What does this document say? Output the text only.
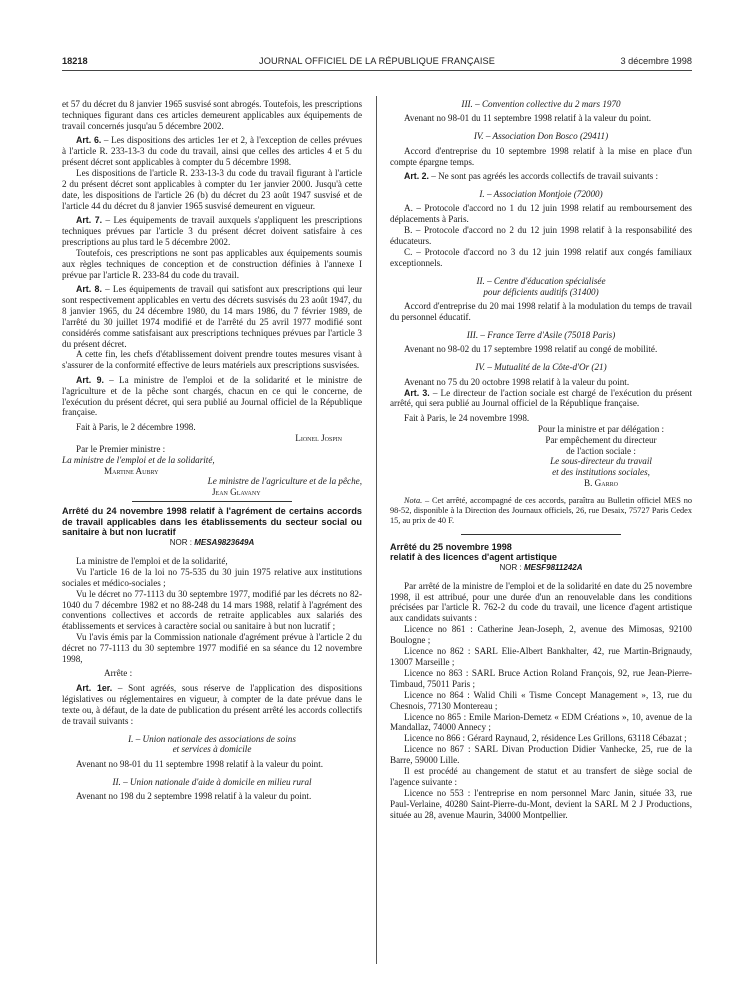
18218	JOURNAL OFFICIEL DE LA RÉPUBLIQUE FRANÇAISE	3 décembre 1998

et 57 du décret du 8 janvier 1965 susvisé sont abrogés. Toutefois, les prescriptions techniques figurant dans ces articles demeurent applicables aux équipements de travail concernés jusqu'au 5 décembre 2002.

Art. 6. – Les dispositions des articles 1er et 2, à l'exception de celles prévues à l'article R. 233-13-3 du code du travail, ainsi que celles des articles 4 et 5 du présent décret sont applicables à compter du 5 décembre 1998.

Les dispositions de l'article R. 233-13-3 du code du travail figurant à l'article 2 du présent décret sont applicables à compter du 1er janvier 2000. Jusqu'à cette date, les dispositions de l'article 26 (b) du décret du 23 août 1947 susvisé et de l'article 44 du décret du 8 janvier 1965 susvisé demeurent en vigueur.

Art. 7. – Les équipements de travail auxquels s'appliquent les prescriptions techniques prévues par l'article 3 du présent décret doivent satisfaire à ces prescriptions au plus tard le 5 décembre 2002.

Toutefois, ces prescriptions ne sont pas applicables aux équipements soumis aux règles techniques de conception et de construction définies à l'annexe I prévue par l'article R. 233-84 du code du travail.

Art. 8. – Les équipements de travail qui satisfont aux prescriptions qui leur sont respectivement applicables en vertu des décrets susvisés du 23 août 1947, du 8 janvier 1965, du 24 décembre 1980, du 14 mars 1986, du 7 février 1989, de l'arrêté du 30 juillet 1974 modifié et de l'arrêté du 25 avril 1977 modifié sont considérés comme satisfaisant aux prescriptions techniques prévues par l'article 3 du présent décret.

A cette fin, les chefs d'établissement doivent prendre toutes mesures visant à s'assurer de la conformité effective de leurs matériels aux prescriptions susvisées.

Art. 9. – La ministre de l'emploi et de la solidarité et le ministre de l'agriculture et de la pêche sont chargés, chacun en ce qui le concerne, de l'exécution du présent décret, qui sera publié au Journal officiel de la République française.

Fait à Paris, le 2 décembre 1998.

Lionel Jospin

Par le Premier ministre :

La ministre de l'emploi et de la solidarité,

Martine Aubry

Le ministre de l'agriculture et de la pêche,

Jean Glavany

Arrêté du 24 novembre 1998 relatif à l'agrément de certains accords de travail applicables dans les établissements du secteur social ou sanitaire à but non lucratif

NOR : MESA9823649A

La ministre de l'emploi et de la solidarité,

Vu l'article 16 de la loi no 75-535 du 30 juin 1975 relative aux institutions sociales et médico-sociales ;

Vu le décret no 77-1113 du 30 septembre 1977, modifié par les décrets no 82-1040 du 7 décembre 1982 et no 88-248 du 14 mars 1988, relatif à l'agrément des conventions collectives et accords de retraite applicables aux salariés des établissements et services à caractère social ou sanitaire à but non lucratif ;

Vu l'avis émis par la Commission nationale d'agrément prévue à l'article 2 du décret no 77-1113 du 30 septembre 1977 modifié en sa séance du 12 novembre 1998,

Arrête :

Art. 1er. – Sont agréés, sous réserve de l'application des dispositions législatives ou réglementaires en vigueur, à compter de la date prévue dans le texte ou, à défaut, de la date de publication du présent arrêté les accords collectifs de travail suivants :

I. – Union nationale des associations de soins

et services à domicile

Avenant no 98-01 du 11 septembre 1998 relatif à la valeur du point.

II. – Union nationale d'aide à domicile en milieu rural

Avenant no 198 du 2 septembre 1998 relatif à la valeur du point.

III. – Convention collective du 2 mars 1970

Avenant no 98-01 du 11 septembre 1998 relatif à la valeur du point.

IV. – Association Don Bosco (29411)

Accord d'entreprise du 10 septembre 1998 relatif à la mise en place d'un compte épargne temps.

Art. 2. – Ne sont pas agréés les accords collectifs de travail suivants :

I. – Association Montjoie (72000)

A. – Protocole d'accord no 1 du 12 juin 1998 relatif au remboursement des déplacements à Paris.

B. – Protocole d'accord no 2 du 12 juin 1998 relatif à la responsabilité des éducateurs.

C. – Protocole d'accord no 3 du 12 juin 1998 relatif aux congés familiaux exceptionnels.

II. – Centre d'éducation spécialisée

pour déficients auditifs (31400)

Accord d'entreprise du 20 mai 1998 relatif à la modulation du temps de travail du personnel éducatif.

III. – France Terre d'Asile (75018 Paris)

Avenant no 98-02 du 17 septembre 1998 relatif au congé de mobilité.

IV. – Mutualité de la Côte-d'Or (21)

Avenant no 75 du 20 octobre 1998 relatif à la valeur du point.

Art. 3. – Le directeur de l'action sociale est chargé de l'exécution du présent arrêté, qui sera publié au Journal officiel de la République française.

Fait à Paris, le 24 novembre 1998.

Pour la ministre et par délégation :

Par empêchement du directeur

de l'action sociale :

Le sous-directeur du travail

et des institutions sociales,

B. Garro

Nota. – Cet arrêté, accompagné de ces accords, paraîtra au Bulletin officiel MES no 98-52, disponible à la Direction des Journaux officiels, 26, rue Desaix, 75727 Paris Cedex 15, au prix de 40 F.

Arrêté du 25 novembre 1998

relatif à des licences d'agent artistique

NOR : MESF9811242A

Par arrêté de la ministre de l'emploi et de la solidarité en date du 25 novembre 1998, il est attribué, pour une durée d'un an renouvelable dans les conditions précisées par l'article R. 762-2 du code du travail, une licence d'agent artistique aux candidats suivants :

Licence no 861 : Catherine Jean-Joseph, 2, avenue des Mimosas, 92100 Boulogne ;

Licence no 862 : SARL Elie-Albert Bankhalter, 42, rue Martin-Brignaudy, 13007 Marseille ;

Licence no 863 : SARL Bruce Action Roland François, 92, rue Jean-Pierre-Timbaud, 75011 Paris ;

Licence no 864 : Walid Chili « Tisme Concept Management », 13, rue du Chesnois, 77130 Montereau ;

Licence no 865 : Emile Marion-Demetz « EDM Créations », 10, avenue de la Mandallaz, 74000 Annecy ;

Licence no 866 : Gérard Raynaud, 2, résidence Les Grillons, 63118 Cébazat ;

Licence no 867 : SARL Divan Production Didier Vanhecke, 25, rue de la Barre, 59000 Lille.

Il est procédé au changement de statut et au transfert de siège social de l'agence suivante :

Licence no 553 : l'entreprise en nom personnel Marc Janin, située 33, rue Paul-Verlaine, 40280 Saint-Pierre-du-Mont, devient la SARL M 2 J Productions, située au 28, avenue Maurin, 34000 Montpellier.
